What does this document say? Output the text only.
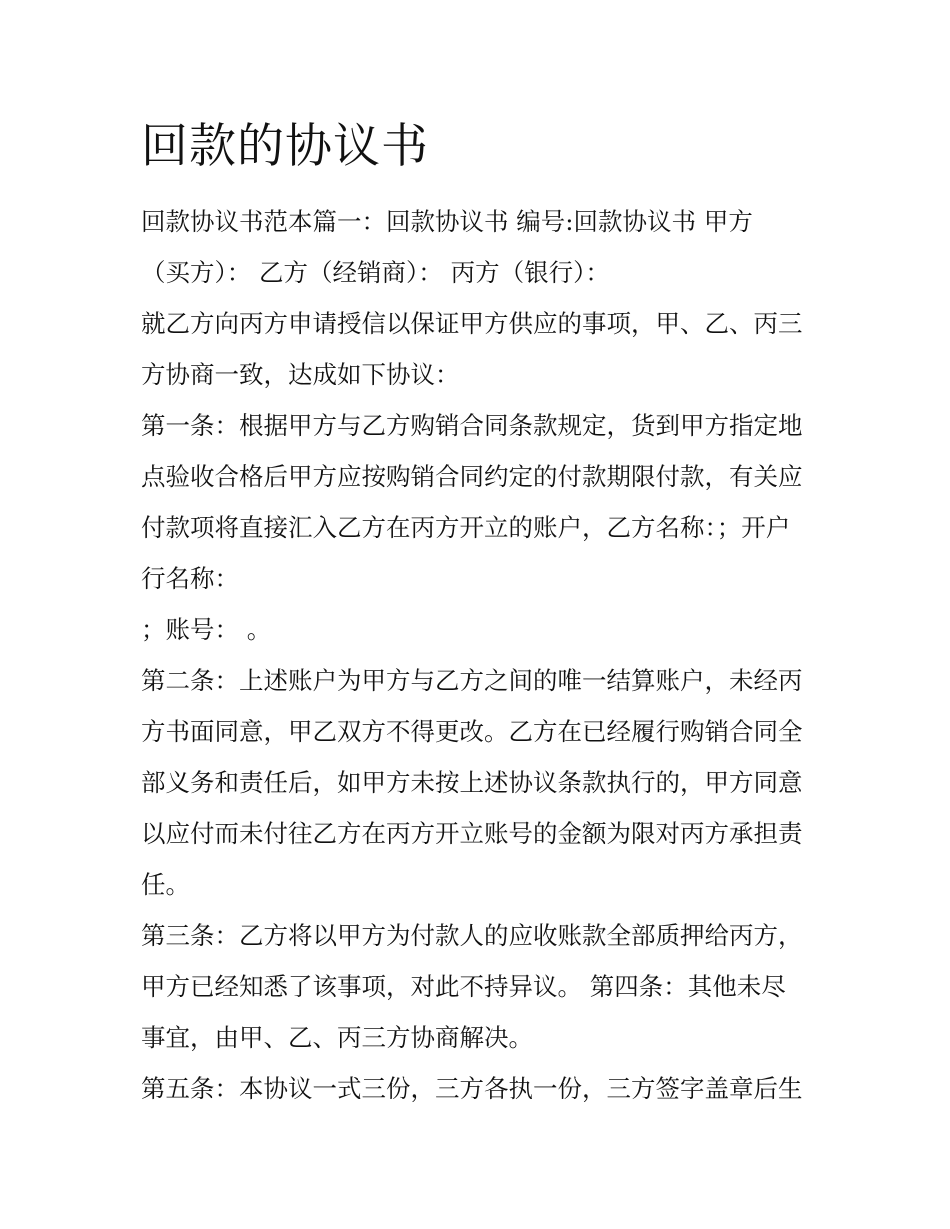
回款的协议书

回款协议书范本篇一：回款协议书 编号:回款协议书 甲方

（买方）： 乙方（经销商）： 丙方（银行）：

就乙方向丙方申请授信以保证甲方供应的事项，甲、乙、丙三

方协商一致，达成如下协议：

第一条：根据甲方与乙方购销合同条款规定，货到甲方指定地

点验收合格后甲方应按购销合同约定的付款期限付款，有关应

付款项将直接汇入乙方在丙方开立的账户，乙方名称：；开户

行名称：

；账号： 。

第二条：上述账户为甲方与乙方之间的唯一结算账户，未经丙

方书面同意，甲乙双方不得更改。乙方在已经履行购销合同全

部义务和责任后，如甲方未按上述协议条款执行的，甲方同意

以应付而未付往乙方在丙方开立账号的金额为限对丙方承担责

任。

第三条：乙方将以甲方为付款人的应收账款全部质押给丙方，

甲方已经知悉了该事项，对此不持异议。 第四条：其他未尽

事宜，由甲、乙、丙三方协商解决。

第五条：本协议一式三份，三方各执一份，三方签字盖章后生
